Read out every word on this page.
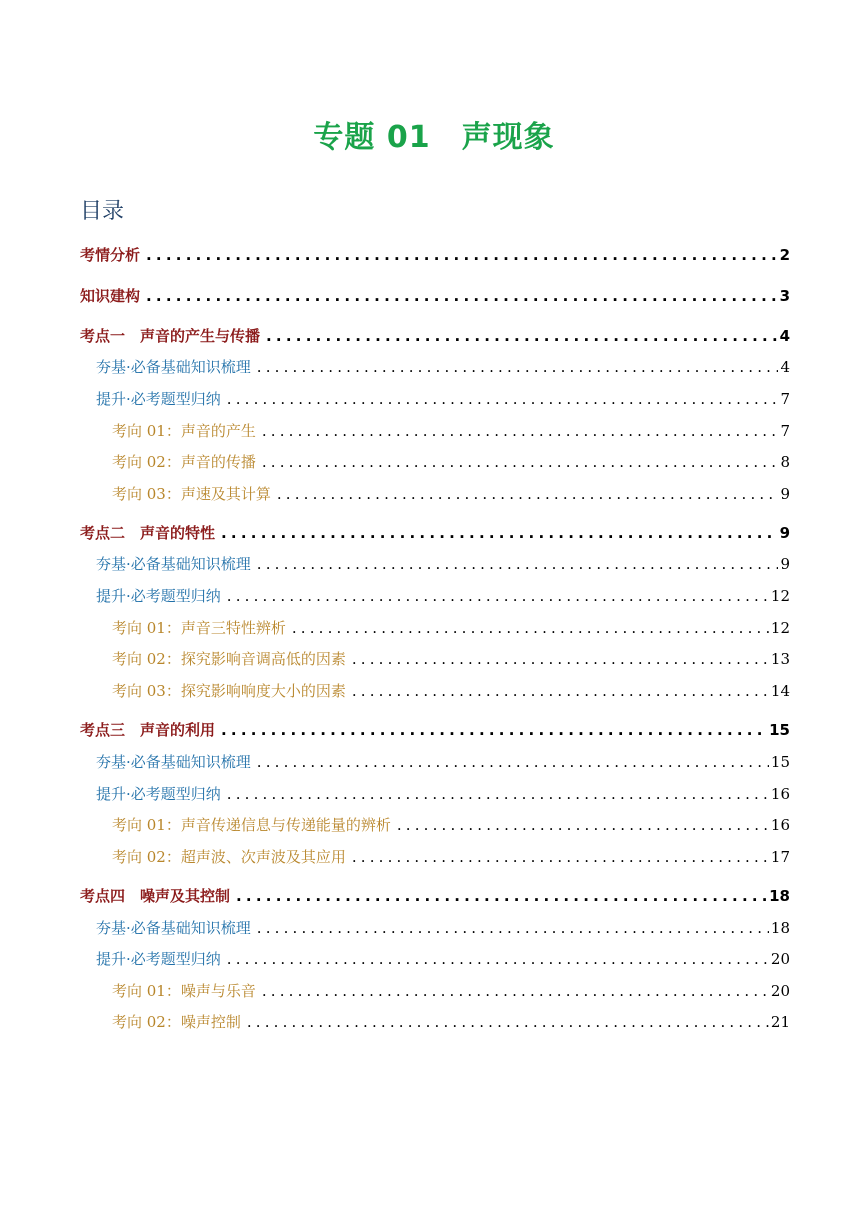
专题 01　声现象
目录
考情分析 . . .	2
知识建构 . . .	3
考点一　声音的产生与传播 . . .	4
夯基·必备基础知识梳理 . . .	4
提升·必考题型归纳 . . .	7
考向 01：声音的产生 . . .	7
考向 02：声音的传播 . . .	8
考向 03：声速及其计算 . . .	9
考点二　声音的特性 . . .	9
夯基·必备基础知识梳理 . . .	9
提升·必考题型归纳 . . .	12
考向 01：声音三特性辨析 . . .	12
考向 02：探究影响音调高低的因素 . . .	13
考向 03：探究影响响度大小的因素 . . .	14
考点三　声音的利用 . . .	15
夯基·必备基础知识梳理 . . .	15
提升·必考题型归纳 . . .	16
考向 01：声音传递信息与传递能量的辨析 . . .	16
考向 02：超声波、次声波及其应用 . . .	17
考点四　噪声及其控制 . . .	18
夯基·必备基础知识梳理 . . .	18
提升·必考题型归纳 . . .	20
考向 01：噪声与乐音 . . .	20
考向 02：噪声控制 . . .	21
